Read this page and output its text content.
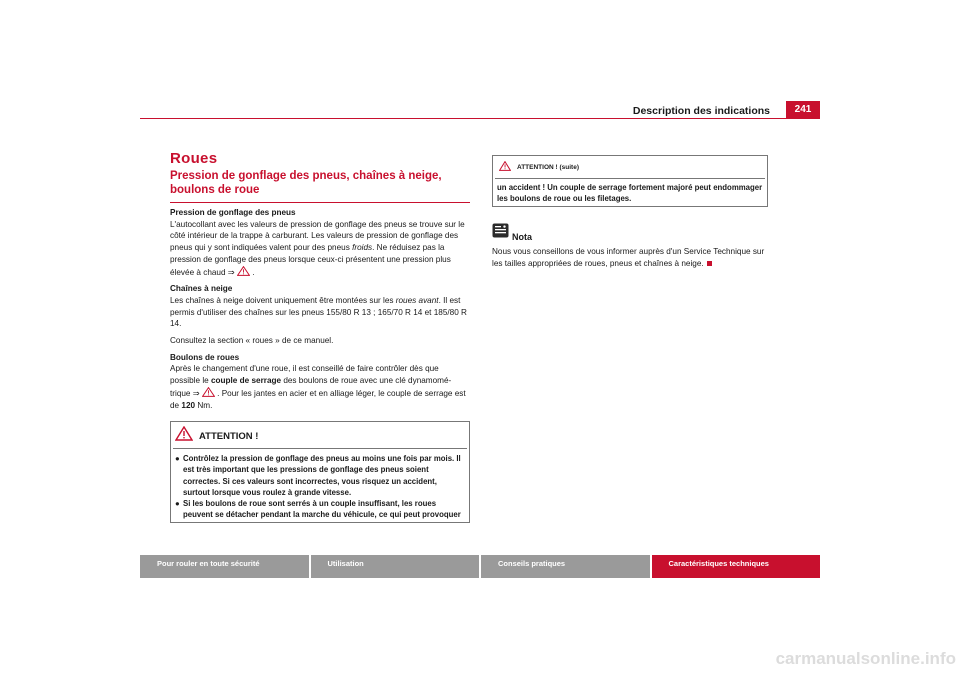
Description des indications	241
Roues
Pression de gonflage des pneus, chaînes à neige, boulons de roue
Pression de gonflage des pneus

L'autocollant avec les valeurs de pression de gonflage des pneus se trouve sur le côté intérieur de la trappe à carburant. Les valeurs de pression de gonflage des pneus qui y sont indiquées valent pour des pneus froids. Ne réduisez pas la pression de gonflage des pneus lorsque ceux-ci présentent une pression plus élevée à chaud ⇒  .

Chaînes à neige

Les chaînes à neige doivent uniquement être montées sur les roues avant. Il est permis d'utiliser des chaînes sur les pneus 155/80 R 13 ; 165/70 R 14 et 185/80 R 14.

Consultez la section « roues » de ce manuel.

Boulons de roues

Après le changement d'une roue, il est conseillé de faire contrôler dès que possible le couple de serrage des boulons de roue avec une clé dynamomé-trique ⇒  . Pour les jantes en acier et en alliage léger, le couple de serrage est de 120 Nm.

ATTENTION !
● Contrôlez la pression de gonflage des pneus au moins une fois par mois. Il est très important que les pressions de gonflage des pneus soient correctes. Si ces valeurs sont incorrectes, vous risquez un accident, surtout lorsque vous roulez à grande vitesse.
● Si les boulons de roue sont serrés à un couple insuffisant, les roues peuvent se détacher pendant la marche du véhicule, ce qui peut provoquer
ATTENTION ! (suite)
un accident ! Un couple de serrage fortement majoré peut endommager les boulons de roue ou les filetages.
Nota
Nous vous conseillons de vous informer auprès d'un Service Technique sur les tailles appropriées de roues, pneus et chaînes à neige.
Pour rouler en toute sécurité	Utilisation	Conseils pratiques	Caractéristiques techniques
carmanualsonline.info
